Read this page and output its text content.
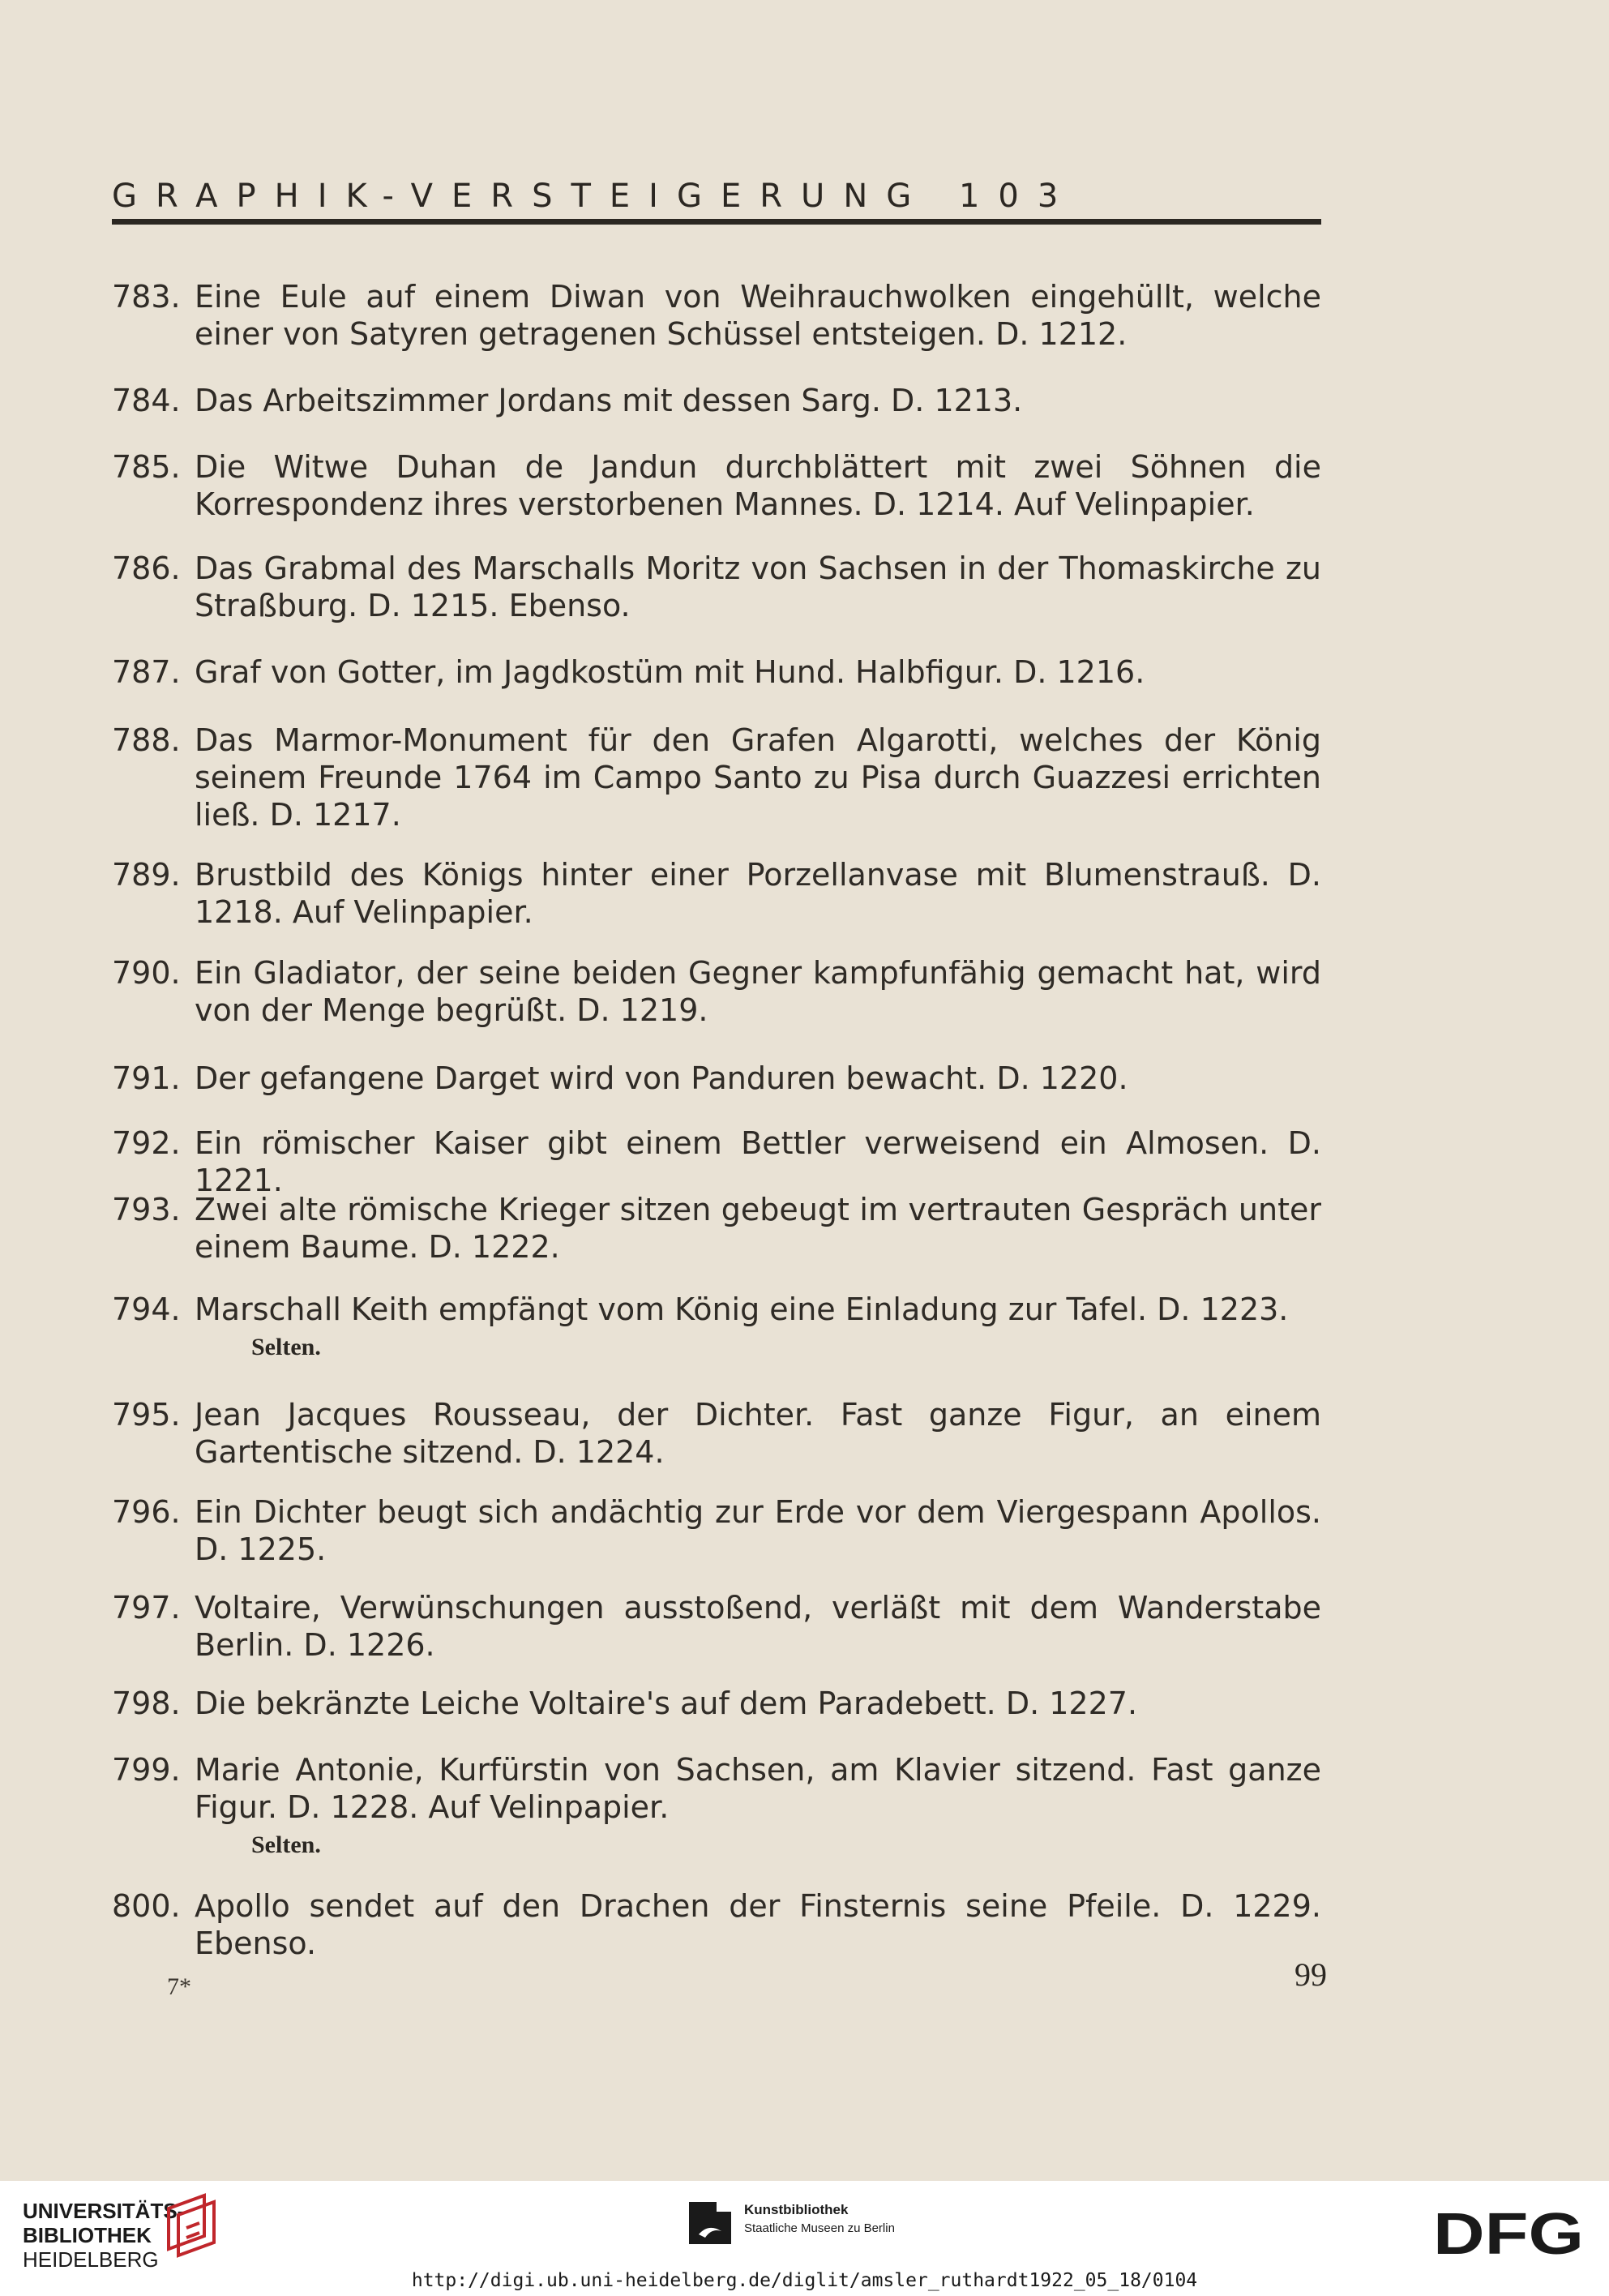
GRAPHIK-VERSTEIGERUNG 103
783. Eine Eule auf einem Diwan von Weihrauchwolken eingehüllt, welche einer von Satyren getragenen Schüssel entsteigen. D. 1212.
784. Das Arbeitszimmer Jordans mit dessen Sarg. D. 1213.
785. Die Witwe Duhan de Jandun durchblättert mit zwei Söhnen die Korrespondenz ihres verstorbenen Mannes. D. 1214. Auf Velinpapier.
786. Das Grabmal des Marschalls Moritz von Sachsen in der Thomaskirche zu Straßburg. D. 1215. Ebenso.
787. Graf von Gotter, im Jagdkostüm mit Hund. Halbfigur. D. 1216.
788. Das Marmor-Monument für den Grafen Algarotti, welches der König seinem Freunde 1764 im Campo Santo zu Pisa durch Guazzesi errichten ließ. D. 1217.
789. Brustbild des Königs hinter einer Porzellanvase mit Blumenstrauß. D. 1218. Auf Velinpapier.
790. Ein Gladiator, der seine beiden Gegner kampfunfähig gemacht hat, wird von der Menge begrüßt. D. 1219.
791. Der gefangene Darget wird von Panduren bewacht. D. 1220.
792. Ein römischer Kaiser gibt einem Bettler verweisend ein Almosen. D. 1221.
793. Zwei alte römische Krieger sitzen gebeugt im vertrauten Gespräch unter einem Baume. D. 1222.
794. Marschall Keith empfängt vom König eine Einladung zur Tafel. D. 1223.
Selten.
795. Jean Jacques Rousseau, der Dichter. Fast ganze Figur, an einem Gartentische sitzend. D. 1224.
796. Ein Dichter beugt sich andächtig zur Erde vor dem Viergespann Apollos. D. 1225.
797. Voltaire, Verwünschungen ausstoßend, verläßt mit dem Wanderstabe Berlin. D. 1226.
798. Die bekränzte Leiche Voltaire's auf dem Paradebett. D. 1227.
799. Marie Antonie, Kurfürstin von Sachsen, am Klavier sitzend. Fast ganze Figur. D. 1228. Auf Velinpapier.
Selten.
800. Apollo sendet auf den Drachen der Finsternis seine Pfeile. D. 1229. Ebenso.
7*	99
UNIVERSITÄTS-
BIBLIOTHEK
HEIDELBERG
Kunstbibliothek
Staatliche Museen zu Berlin	DFG
http://digi.ub.uni-heidelberg.de/diglit/amsler_ruthardt1922_05_18/0104
